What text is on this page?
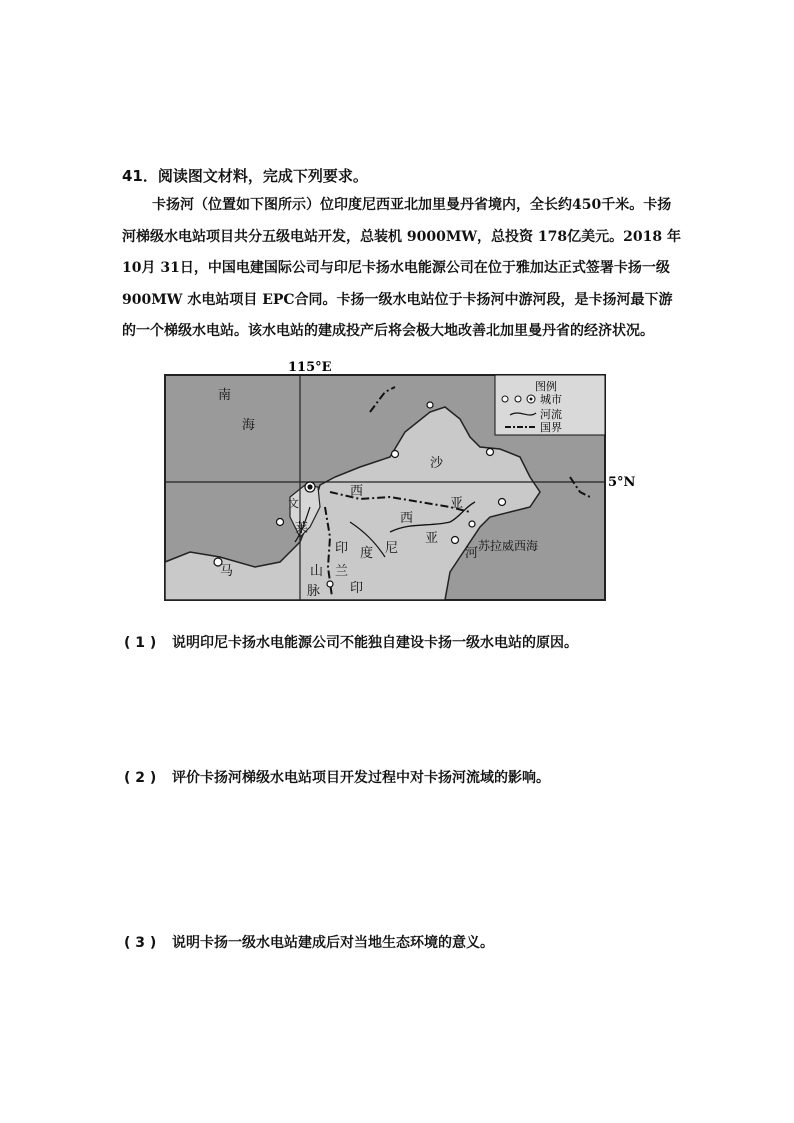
41．阅读图文材料，完成下列要求。

卡扬河（位置如下图所示）位印度尼西亚北加里曼丹省境内，全长约450千米。卡扬河梯级水电站项目共分五级电站开发，总装机 9000MW，总投资 178亿美元。2018 年 10月 31日，中国电建国际公司与印尼卡扬水电能源公司在位于雅加达正式签署卡扬一级 900MW 水电站项目 EPC合同。卡扬一级水电站位于卡扬河中游河段，是卡扬河最下游的一个梯级水电站。该水电站的建成投产后将会极大地改善北加里曼丹省的经济状况。

图例
城市
河流
国界
115°E
5°N
南
海
沙
文
莱
西
亚
西
印 度 尼
亚
河
山
脉
马	兰
印
苏拉威西海
( 1 ) 说明印尼卡扬水电能源公司不能独自建设卡扬一级水电站的原因。
( 2 ) 评价卡扬河梯级水电站项目开发过程中对卡扬河流域的影响。
( 3 ) 说明卡扬一级水电站建成后对当地生态环境的意义。
